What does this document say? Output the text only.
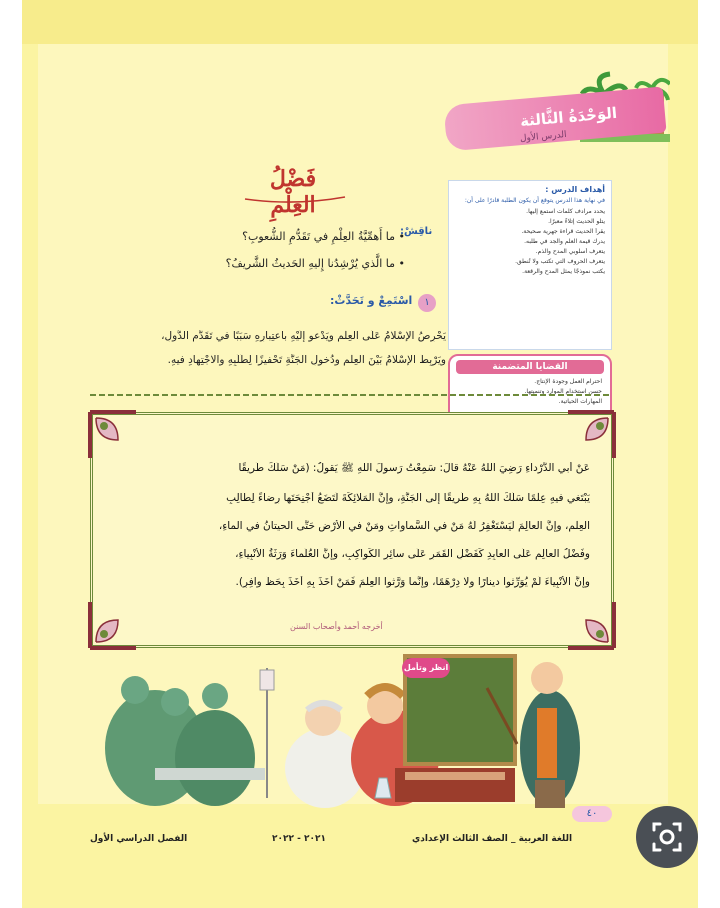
الوَحْدَةُ الثَّالثة
الدرس الأول
فَضْلُ العِلْمِ
أهداف الدرس :
في نهاية هذا الدرس يتوقع أن يكون الطلبة قادرًا على أن:
يحدد مرادف كلمات استمع إليها.
يتلو الحديث إتلاءً معبرًا.
يقرأ الحديث قراءة جهرية صحيحة.
يدرك قيمة العلم والجد في طلبه.
يتعرف أسلوبي المدح والذم.
يتعرف الحروف التي تكتب ولا تُنطق.
يكتب نموذجًا يمثل المدح والرقعة.
القضايا المتضمنة
احترام العمل وجودة الإنتاج.
حسن استخدام الموارد وتنميتها.
المهارات الحياتية.
ناقِشْ:
• ما أَهمِّيَّةُ العِلْمِ في تَقَدُّمِ الشُّعوبِ؟
• ما الَّذي يُرْشِدُنا إِليهِ الحَديثُ الشَّريفُ؟
١
اسْتَمِعْ و تَحَدَّثْ:
يَحْرِصُ الإسْلامُ عَلَى العِلْمِ ويَدْعو إِلَيْهِ باعتِبارِهِ سَبَبًا في تَقَدُّمِ الدُّولِ،
ويَرْبِطُ الإسْلامُ بَيْنَ العِلْمِ ودُخولِ الجَنَّةِ تَحْفيزًا لِطَلَبِهِ والاجْتِهادِ فيهِ.
عَنْ أَبي الدَّرْداءِ رَضِيَ اللهُ عَنْهُ قالَ: سَمِعْتُ رَسولَ اللهِ ﷺ يَقولُ: (مَنْ سَلَكَ طَريقًا
يَبْتَغي فيهِ عِلْمًا سَلَكَ اللهُ بِهِ طَريقًا إِلى الجَنَّةِ، وإِنَّ المَلائِكَةَ لَتَضَعُ أَجْنِحَتَها رِضاءً لِطالِبِ
العِلْمِ، وإِنَّ العالِمَ لَيَسْتَغْفِرُ لَهُ مَنْ في السَّماواتِ ومَنْ في الأَرْضِ حَتَّى الحيتانُ في الماءِ،
وفَضْلُ العالِمِ عَلَى العابِدِ كَفَضْلِ القَمَرِ عَلَى سائِرِ الكَواكِبِ، وإِنَّ العُلَماءَ وَرَثَةُ الأَنْبِياءِ،
وإِنَّ الأَنْبِياءَ لَمْ يُوَرِّثوا دينارًا ولا دِرْهَمًا، وإِنَّما وَرَّثوا العِلْمَ فَمَنْ أَخَذَ بِهِ أَخَذَ بِحَظٍّ وافِرٍ).
أخرجه أحمد وأصحاب السنن
انظر وتأمل
٤٠
اللغة العربية _ الصف الثالث الإعدادي
٢٠٢١ - ٢٠٢٢
الفصل الدراسي الأول
